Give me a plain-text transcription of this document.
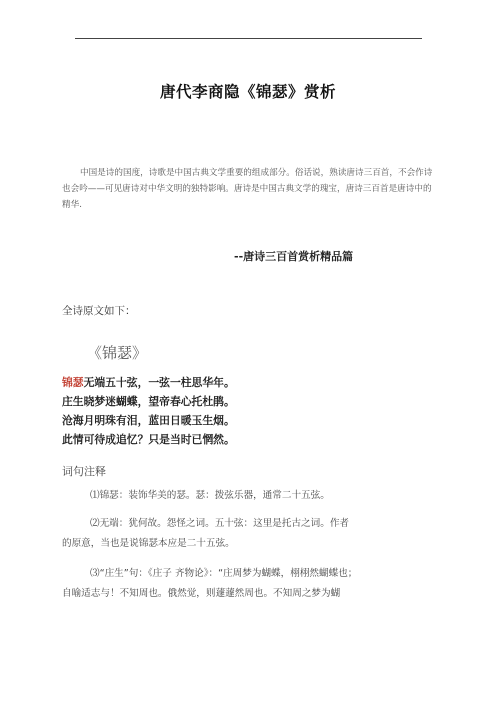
唐代李商隐《锦瑟》赏析
中国是诗的国度，诗歌是中国古典文学重要的组成部分。俗话说，熟读唐诗三百首，不会作诗也会吟——可见唐诗对中华文明的独特影响。唐诗是中国古典文学的瑰宝，唐诗三百首是唐诗中的精华.
--唐诗三百首赏析精品篇
全诗原文如下：
《锦瑟》
锦瑟无端五十弦，一弦一柱思华年。
庄生晓梦迷蝴蝶，望帝春心托杜鹃。
沧海月明珠有泪，蓝田日暖玉生烟。
此情可待成追忆？只是当时已惘然。
词句注释
⑴锦瑟：装饰华美的瑟。瑟：拨弦乐器，通常二十五弦。
⑵无端：犹何故。怨怪之词。五十弦：这里是托古之词。作者
的原意，当也是说锦瑟本应是二十五弦。
⑶“庄生”句：《庄子 齐物论》：“庄周梦为蝴蝶，栩栩然蝴蝶也；
自喻适志与！不知周也。俄然觉，则蘧蘧然周也。不知周之梦为蝴
